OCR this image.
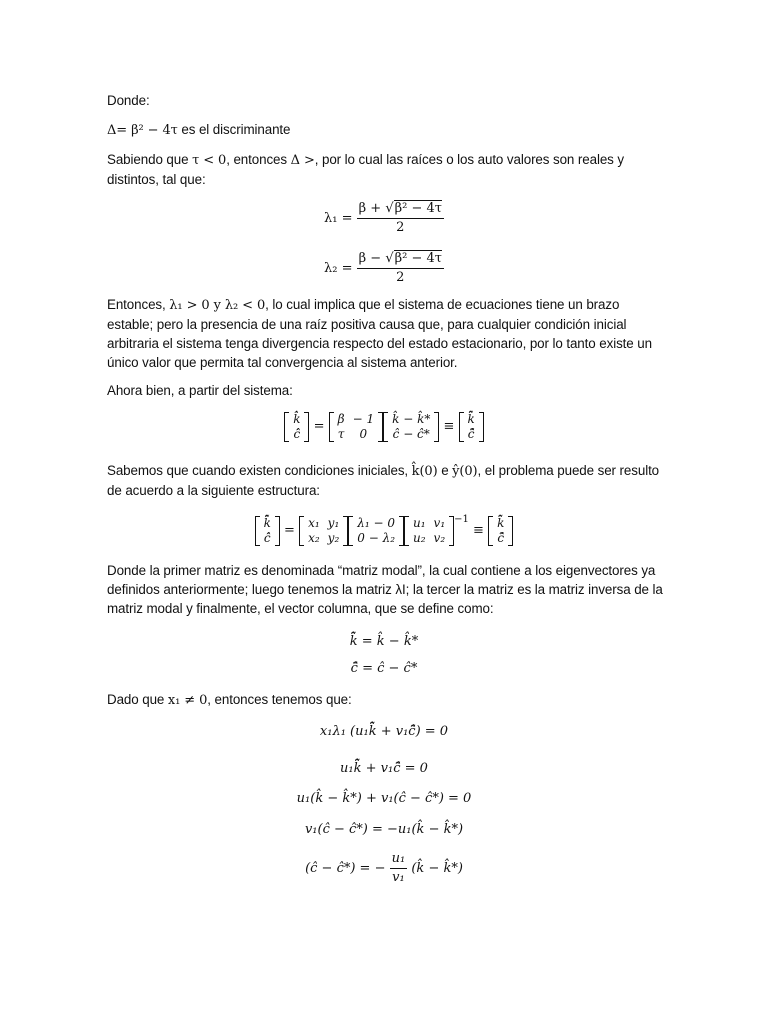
Donde:
Δ= β² − 4τ es el discriminante
Sabiendo que τ < 0, entonces Δ >, por lo cual las raíces o los auto valores son reales y distintos, tal que:
$\lambda_1 = \frac{\text{β + √β² − 4τ}}{2}$
$\lambda_2 = \frac{\text{β − √β² − 4τ}}{2}$
Entonces, λ₁ > 0 y λ₂ < 0, lo cual implica que el sistema de ecuaciones tiene un brazo estable; pero la presencia de una raíz positiva causa que, para cualquier condición inicial arbitraria el sistema tenga divergencia respecto del estado estacionario, por lo tanto existe un único valor que permita tal convergencia al sistema anterior.
Ahora bien, a partir del sistema:
k̂̇
ĉ̇ = β	− 1
τ	0
k̂ − k̂*
ĉ − ĉ* ≡ k̂̃
ĉ̃
Sabemos que cuando existen condiciones iniciales, k̂(0) e ŷ(0), el problema puede ser resulto de acuerdo a la siguiente estructura:
k̂̃̇
ĉ̇ = x₁	y₁
x₂	y₂
λ₁ − 0
0 − λ₂
u₁	v₁
u₂	v₂
$^{-1}$ ≡ k̂̃
ĉ̃
Donde la primer matriz es denominada “matriz modal”, la cual contiene a los eigenvectores ya definidos anteriormente; luego tenemos la matriz λI; la tercer la matriz es la matriz inversa de la matriz modal y finalmente, el vector columna, que se define como:
k̂̃ = k̂ − k̂*
ĉ̃ = ĉ − ĉ*
Dado que x₁ ≠ 0, entonces tenemos que:
x₁λ₁ (u₁k̂̃ + v₁ĉ̃) = 0
u₁k̂̃ + v₁ĉ̃ = 0
u₁(k̂ − k̂*) + v₁(ĉ − ĉ*) = 0
v₁(ĉ − ĉ*) = −u₁(k̂ − k̂*)
(ĉ − ĉ*) = − $\frac{\text{u₁}}{\text{v₁}}$ (k̂ − k̂*)
